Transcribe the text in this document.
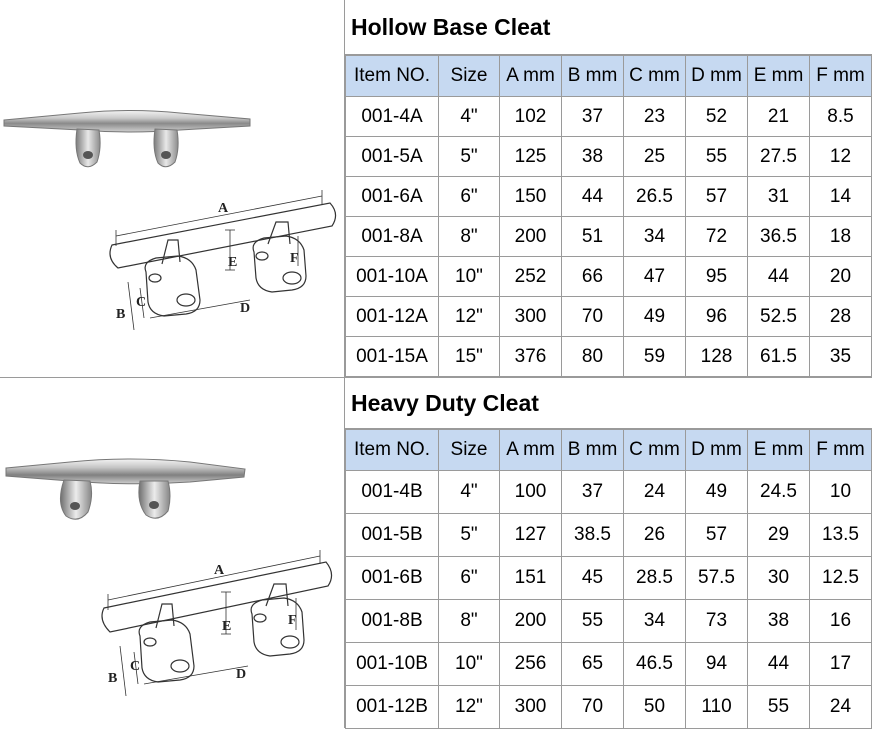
A
E	F
D
B
C
Hollow Base Cleat
Item NO.	Size	A mm	B mm	C mm	D mm	E mm	F mm
001-4A	4"	102	37	23	52	21	8.5
001-5A	5"	125	38	25	55	27.5	12
001-6A	6"	150	44	26.5	57	31	14
001-8A	8"	200	51	34	72	36.5	18
001-10A	10"	252	66	47	95	44	20
001-12A	12"	300	70	49	96	52.5	28
001-15A	15"	376	80	59	128	61.5	35
A
E	F
D
B
C
Heavy Duty Cleat
Item NO.	Size	A mm	B mm	C mm	D mm	E mm	F mm
001-4B	4"	100	37	24	49	24.5	10
001-5B	5"	127	38.5	26	57	29	13.5
001-6B	6"	151	45	28.5	57.5	30	12.5
001-8B	8"	200	55	34	73	38	16
001-10B	10"	256	65	46.5	94	44	17
001-12B	12"	300	70	50	110	55	24
